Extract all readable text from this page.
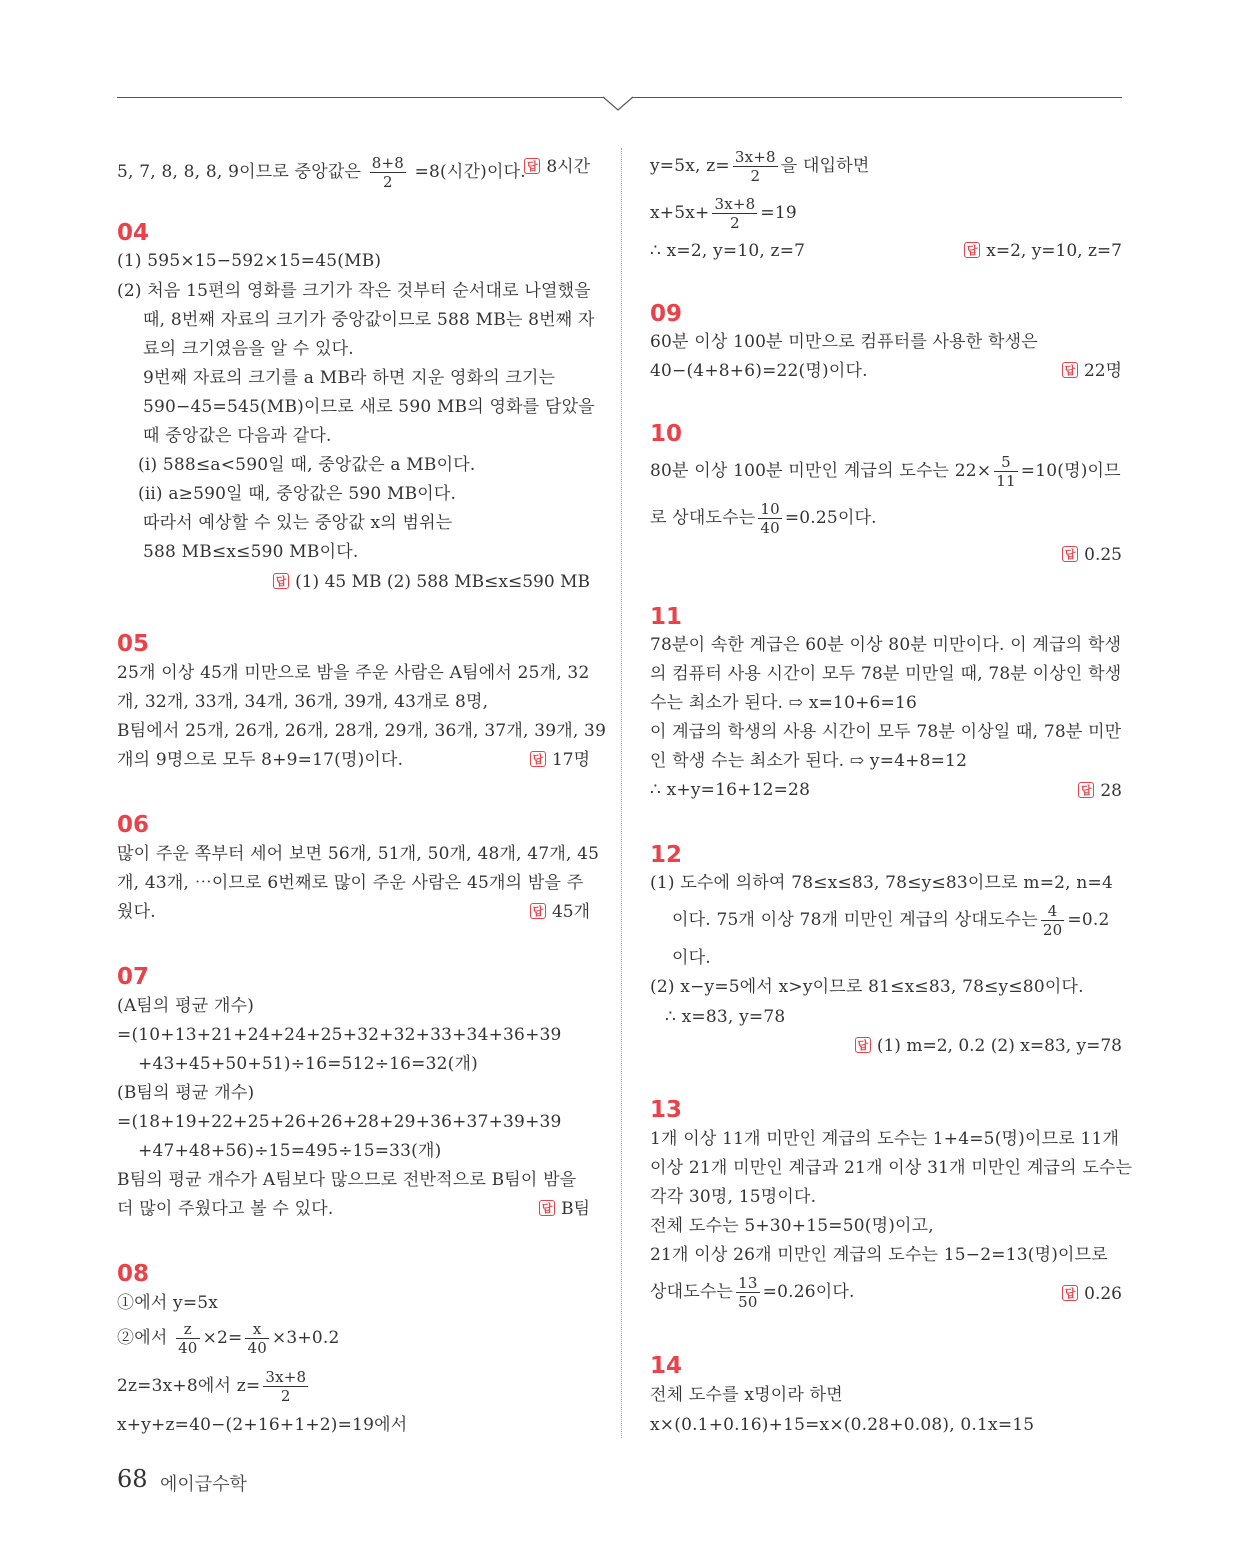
5, 7, 8, 8, 8, 9이므로 중앙값은 $\frac{8+8}{2} =8$(시간)이다. 답 8시간
04
(1) 595×15−592×15=45(MB)
(2) 처음 15편의 영화를 크기가 작은 것부터 순서대로 나열했을
때, 8번째 자료의 크기가 중앙값이므로 588 MB는 8번째 자
료의 크기였음을 알 수 있다.
9번째 자료의 크기를 a MB라 하면 지운 영화의 크기는
590−45=545(MB)이므로 새로 590 MB의 영화를 담았을
때 중앙값은 다음과 같다.
(ⅰ) 588≤a<590일 때, 중앙값은 a MB이다.
(ⅱ) a≥590일 때, 중앙값은 590 MB이다.
따라서 예상할 수 있는 중앙값 x의 범위는
588 MB≤x≤590 MB이다.
답 (1) 45 MB (2) 588 MB≤x≤590 MB
05
25개 이상 45개 미만으로 밤을 주운 사람은 A팀에서 25개, 32
개, 32개, 33개, 34개, 36개, 39개, 43개로 8명,
B팀에서 25개, 26개, 26개, 28개, 29개, 36개, 37개, 39개, 39
개의 9명으로 모두 8+9=17(명)이다.	답 17명
06
많이 주운 쪽부터 세어 보면 56개, 51개, 50개, 48개, 47개, 45
개, 43개, ⋯이므로 6번째로 많이 주운 사람은 45개의 밤을 주
웠다.	답 45개
07
(A팀의 평균 개수)
=(10+13+21+24+24+25+32+32+33+34+36+39
+43+45+50+51)÷16=512÷16=32(개)
(B팀의 평균 개수)
=(18+19+22+25+26+26+28+29+36+37+39+39
+47+48+56)÷15=495÷15=33(개)
B팀의 평균 개수가 A팀보다 많으므로 전반적으로 B팀이 밤을
더 많이 주웠다고 볼 수 있다.	답 B팀
08
①에서 y=5x
②에서 $\frac{z}{40} \times 2= \frac{x}{40} \times 3+0.2$
2z=3x+8에서 $z= \frac{3x+8}{2}$
x+y+z=40−(2+16+1+2)=19에서
y=5x, $z= \frac{3x+8}{2}$ 을 대입하면
$x+5x+ \frac{3x+8}{2} =19$
∴ x=2, y=10, z=7	답 x=2, y=10, z=7
09
60분 이상 100분 미만으로 컴퓨터를 사용한 학생은
40−(4+8+6)=22(명)이다.	답 22명
10
80분 이상 100분 미만인 계급의 도수는 $22\times \frac{5}{11} =10$(명)이므
로 상대도수는 $\frac{10}{40} =0.25$이다.
답 0.25
11
78분이 속한 계급은 60분 이상 80분 미만이다. 이 계급의 학생
의 컴퓨터 사용 시간이 모두 78분 미만일 때, 78분 이상인 학생
수는 최소가 된다. ⇨ x=10+6=16
이 계급의 학생의 사용 시간이 모두 78분 이상일 때, 78분 미만
인 학생 수는 최소가 된다. ⇨ y=4+8=12
∴ x+y=16+12=28	답 28
12
(1) 도수에 의하여 78≤x≤83, 78≤y≤83이므로 m=2, n=4
이다. 75개 이상 78개 미만인 계급의 상대도수는 $\frac{4}{20} =0.2$
이다.
(2) x−y=5에서 x>y이므로 81≤x≤83, 78≤y≤80이다.
∴ x=83, y=78
답 (1) m=2, 0.2 (2) x=83, y=78
13
1개 이상 11개 미만인 계급의 도수는 1+4=5(명)이므로 11개
이상 21개 미만인 계급과 21개 이상 31개 미만인 계급의 도수는
각각 30명, 15명이다.
전체 도수는 5+30+15=50(명)이고,
21개 이상 26개 미만인 계급의 도수는 15−2=13(명)이므로
상대도수는 $\frac{13}{50} =0.26$이다.	답 0.26
14
전체 도수를 x명이라 하면
x×(0.1+0.16)+15=x×(0.28+0.08), 0.1x=15
68 에이급수학
